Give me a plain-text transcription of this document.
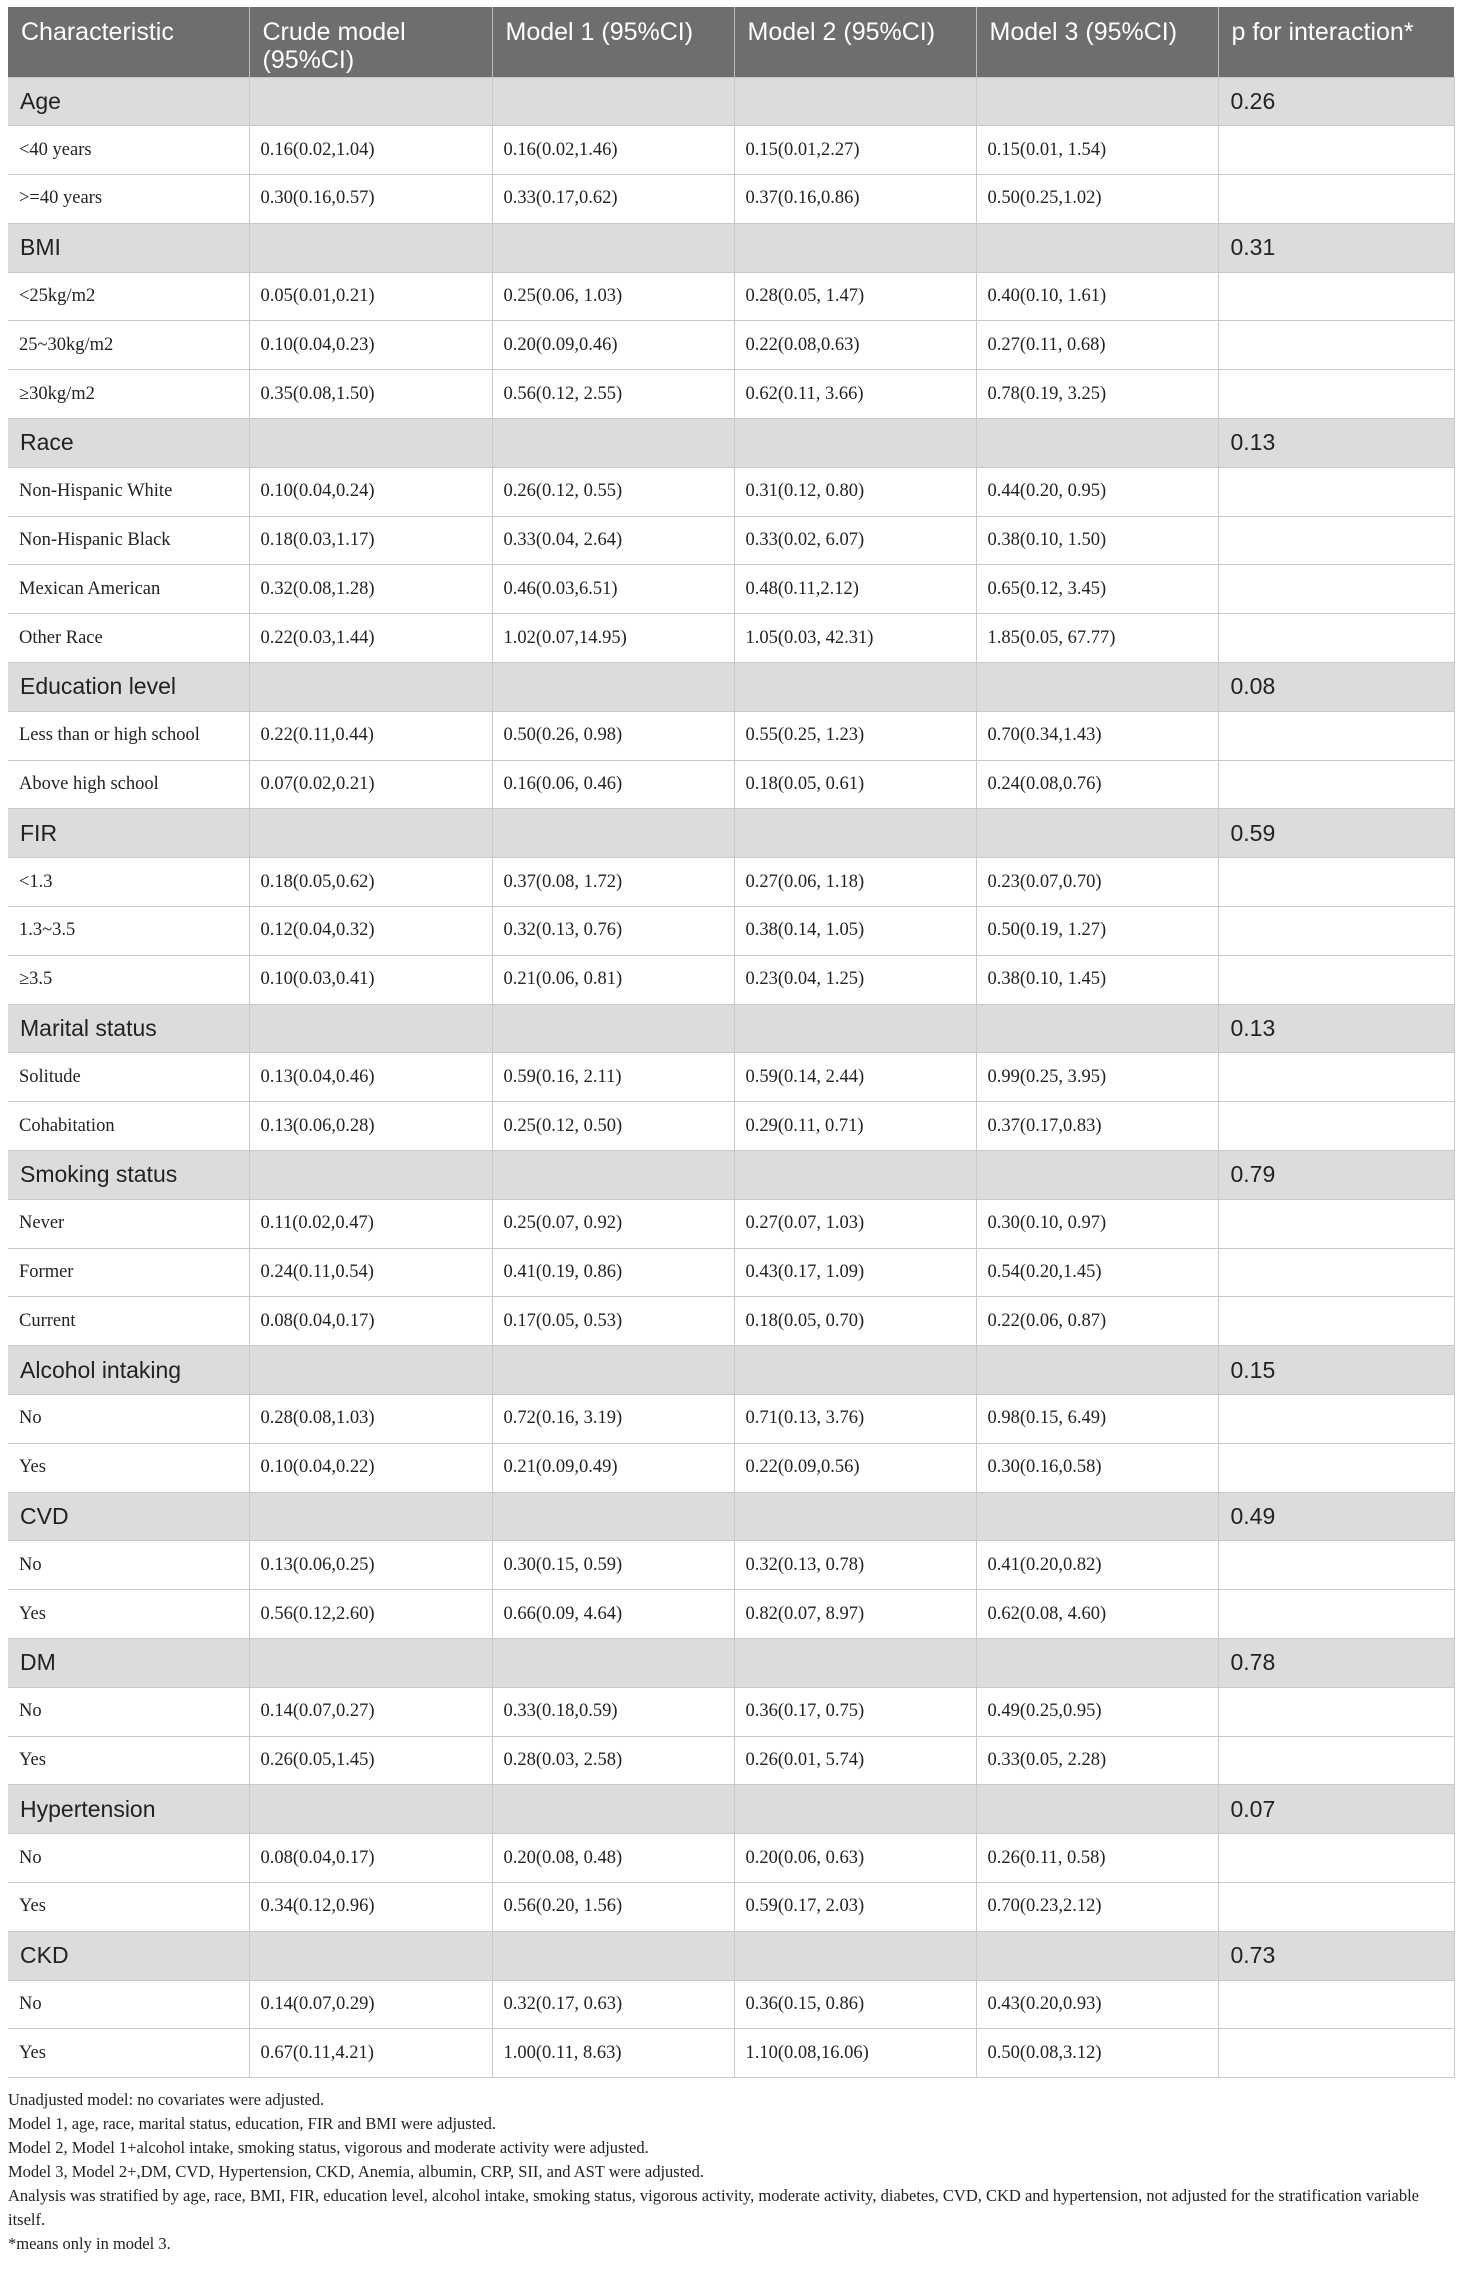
Characteristic	Crude model (95%CI)	Model 1 (95%CI)	Model 2 (95%CI)	Model 3 (95%CI)	p for interaction*
Age					0.26
<40 years	0.16(0.02,1.04)	0.16(0.02,1.46)	0.15(0.01,2.27)	0.15(0.01, 1.54)	
>=40 years	0.30(0.16,0.57)	0.33(0.17,0.62)	0.37(0.16,0.86)	0.50(0.25,1.02)	
BMI					0.31
<25kg/m2	0.05(0.01,0.21)	0.25(0.06, 1.03)	0.28(0.05, 1.47)	0.40(0.10, 1.61)	
25~30kg/m2	0.10(0.04,0.23)	0.20(0.09,0.46)	0.22(0.08,0.63)	0.27(0.11, 0.68)	
≥30kg/m2	0.35(0.08,1.50)	0.56(0.12, 2.55)	0.62(0.11, 3.66)	0.78(0.19, 3.25)	
Race					0.13
Non-Hispanic White	0.10(0.04,0.24)	0.26(0.12, 0.55)	0.31(0.12, 0.80)	0.44(0.20, 0.95)	
Non-Hispanic Black	0.18(0.03,1.17)	0.33(0.04, 2.64)	0.33(0.02, 6.07)	0.38(0.10, 1.50)	
Mexican American	0.32(0.08,1.28)	0.46(0.03,6.51)	0.48(0.11,2.12)	0.65(0.12, 3.45)	
Other Race	0.22(0.03,1.44)	1.02(0.07,14.95)	1.05(0.03, 42.31)	1.85(0.05, 67.77)	
Education level					0.08
Less than or high school	0.22(0.11,0.44)	0.50(0.26, 0.98)	0.55(0.25, 1.23)	0.70(0.34,1.43)	
Above high school	0.07(0.02,0.21)	0.16(0.06, 0.46)	0.18(0.05, 0.61)	0.24(0.08,0.76)	
FIR					0.59
<1.3	0.18(0.05,0.62)	0.37(0.08, 1.72)	0.27(0.06, 1.18)	0.23(0.07,0.70)	
1.3~3.5	0.12(0.04,0.32)	0.32(0.13, 0.76)	0.38(0.14, 1.05)	0.50(0.19, 1.27)	
≥3.5	0.10(0.03,0.41)	0.21(0.06, 0.81)	0.23(0.04, 1.25)	0.38(0.10, 1.45)	
Marital status					0.13
Solitude	0.13(0.04,0.46)	0.59(0.16, 2.11)	0.59(0.14, 2.44)	0.99(0.25, 3.95)	
Cohabitation	0.13(0.06,0.28)	0.25(0.12, 0.50)	0.29(0.11, 0.71)	0.37(0.17,0.83)	
Smoking status					0.79
Never	0.11(0.02,0.47)	0.25(0.07, 0.92)	0.27(0.07, 1.03)	0.30(0.10, 0.97)	
Former	0.24(0.11,0.54)	0.41(0.19, 0.86)	0.43(0.17, 1.09)	0.54(0.20,1.45)	
Current	0.08(0.04,0.17)	0.17(0.05, 0.53)	0.18(0.05, 0.70)	0.22(0.06, 0.87)	
Alcohol intaking					0.15
No	0.28(0.08,1.03)	0.72(0.16, 3.19)	0.71(0.13, 3.76)	0.98(0.15, 6.49)	
Yes	0.10(0.04,0.22)	0.21(0.09,0.49)	0.22(0.09,0.56)	0.30(0.16,0.58)	
CVD					0.49
No	0.13(0.06,0.25)	0.30(0.15, 0.59)	0.32(0.13, 0.78)	0.41(0.20,0.82)	
Yes	0.56(0.12,2.60)	0.66(0.09, 4.64)	0.82(0.07, 8.97)	0.62(0.08, 4.60)	
DM					0.78
No	0.14(0.07,0.27)	0.33(0.18,0.59)	0.36(0.17, 0.75)	0.49(0.25,0.95)	
Yes	0.26(0.05,1.45)	0.28(0.03, 2.58)	0.26(0.01, 5.74)	0.33(0.05, 2.28)	
Hypertension					0.07
No	0.08(0.04,0.17)	0.20(0.08, 0.48)	0.20(0.06, 0.63)	0.26(0.11, 0.58)	
Yes	0.34(0.12,0.96)	0.56(0.20, 1.56)	0.59(0.17, 2.03)	0.70(0.23,2.12)	
CKD					0.73
No	0.14(0.07,0.29)	0.32(0.17, 0.63)	0.36(0.15, 0.86)	0.43(0.20,0.93)	
Yes	0.67(0.11,4.21)	1.00(0.11, 8.63)	1.10(0.08,16.06)	0.50(0.08,3.12)	
Unadjusted model: no covariates were adjusted.
Model 1, age, race, marital status, education, FIR and BMI were adjusted.
Model 2, Model 1+alcohol intake, smoking status, vigorous and moderate activity were adjusted.
Model 3, Model 2+,DM, CVD, Hypertension, CKD, Anemia, albumin, CRP, SII, and AST were adjusted.
Analysis was stratified by age, race, BMI, FIR, education level, alcohol intake, smoking status, vigorous activity, moderate activity, diabetes, CVD, CKD and hypertension, not adjusted for the stratification variable itself.
*means only in model 3.
